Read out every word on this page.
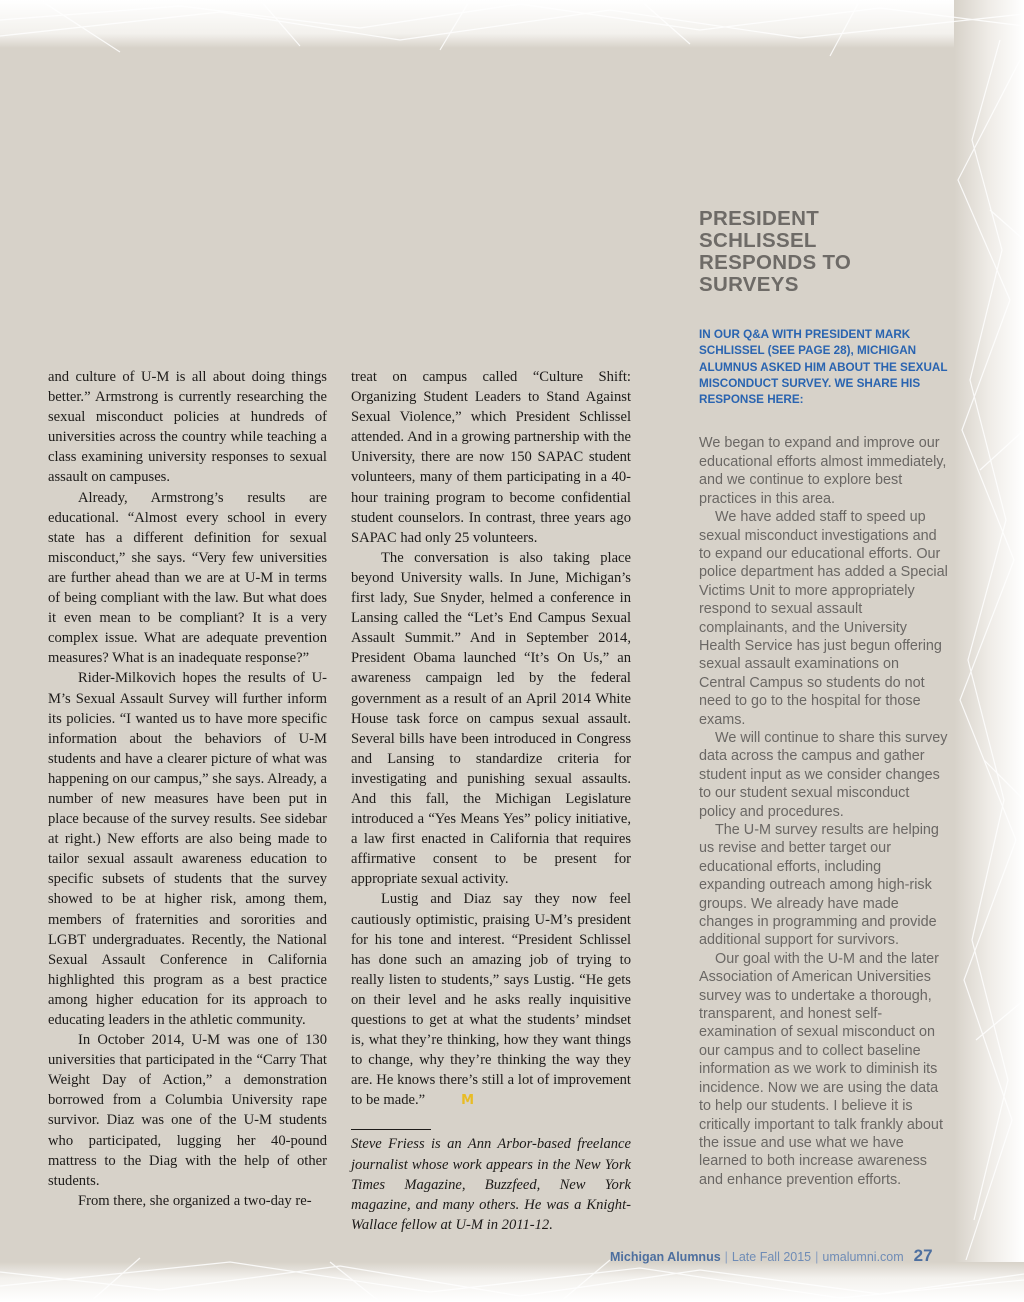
and culture of U-M is all about doing things better.” Armstrong is currently researching the sexual misconduct policies at hundreds of universities across the country while teaching a class examining university responses to sexual assault on campuses.

Already, Armstrong’s results are educational. “Almost every school in every state has a different definition for sexual misconduct,” she says. “Very few universities are further ahead than we are at U-M in terms of being compliant with the law. But what does it even mean to be compliant? It is a very complex issue. What are adequate prevention measures? What is an inadequate response?”

Rider-Milkovich hopes the results of U-M’s Sexual Assault Survey will further inform its policies. “I wanted us to have more specific information about the behaviors of U-M students and have a clearer picture of what was happening on our campus,” she says. Already, a number of new measures have been put in place because of the survey results. See sidebar at right.) New efforts are also being made to tailor sexual assault awareness education to specific subsets of students that the survey showed to be at higher risk, among them, members of fraternities and sororities and LGBT undergraduates. Recently, the National Sexual Assault Conference in California highlighted this program as a best practice among higher education for its approach to educating leaders in the athletic community.

In October 2014, U-M was one of 130 universities that participated in the “Carry That Weight Day of Action,” a demonstration borrowed from a Columbia University rape survivor. Diaz was one of the U-M students who participated, lugging her 40-pound mattress to the Diag with the help of other students.

From there, she organized a two-day re-

treat on campus called “Culture Shift: Organizing Student Leaders to Stand Against Sexual Violence,” which President Schlissel attended. And in a growing partnership with the University, there are now 150 SAPAC student volunteers, many of them participating in a 40-hour training program to become confidential student counselors. In contrast, three years ago SAPAC had only 25 volunteers.

The conversation is also taking place beyond University walls. In June, Michigan’s first lady, Sue Snyder, helmed a conference in Lansing called the “Let’s End Campus Sexual Assault Summit.” And in September 2014, President Obama launched “It’s On Us,” an awareness campaign led by the federal government as a result of an April 2014 White House task force on campus sexual assault. Several bills have been introduced in Congress and Lansing to standardize criteria for investigating and punishing sexual assaults. And this fall, the Michigan Legislature introduced a “Yes Means Yes” policy initiative, a law first enacted in California that requires affirmative consent to be present for appropriate sexual activity.

Lustig and Diaz say they now feel cautiously optimistic, praising U-M’s president for his tone and interest. “President Schlissel has done such an amazing job of trying to really listen to students,” says Lustig. “He gets on their level and he asks really inquisitive questions to get at what the students’ mindset is, what they’re thinking, how they want things to change, why they’re thinking the way they are. He knows there’s still a lot of improvement to be made.”	M

Steve Friess is an Ann Arbor-based freelance journalist whose work appears in the New York Times Magazine, Buzzfeed, New York magazine, and many others. He was a Knight-Wallace fellow at U-M in 2011-12.

PRESIDENT SCHLISSEL RESPONDS TO SURVEYS
IN OUR Q&A WITH PRESIDENT MARK SCHLISSEL (SEE PAGE 28), MICHIGAN ALUMNUS ASKED HIM ABOUT THE SEXUAL MISCONDUCT SURVEY. WE SHARE HIS RESPONSE HERE:

We began to expand and improve our educational efforts almost immediately, and we continue to explore best practices in this area.

We have added staff to speed up sexual misconduct investigations and to expand our educational efforts. Our police department has added a Special Victims Unit to more appropriately respond to sexual assault complainants, and the University Health Service has just begun offering sexual assault examinations on Central Campus so students do not need to go to the hospital for those exams.

We will continue to share this survey data across the campus and gather student input as we consider changes to our student sexual misconduct policy and procedures.

The U-M survey results are helping us revise and better target our educational efforts, including expanding outreach among high-risk groups. We already have made changes in programming and provide additional support for survivors.

Our goal with the U-M and the later Association of American Universities survey was to undertake a thorough, transparent, and honest self-examination of sexual misconduct on our campus and to collect baseline information as we work to diminish its incidence. Now we are using the data to help our students. I believe it is critically important to talk frankly about the issue and use what we have learned to both increase awareness and enhance prevention efforts.

Michigan Alumnus | Late Fall 2015 | umalumni.com 27
